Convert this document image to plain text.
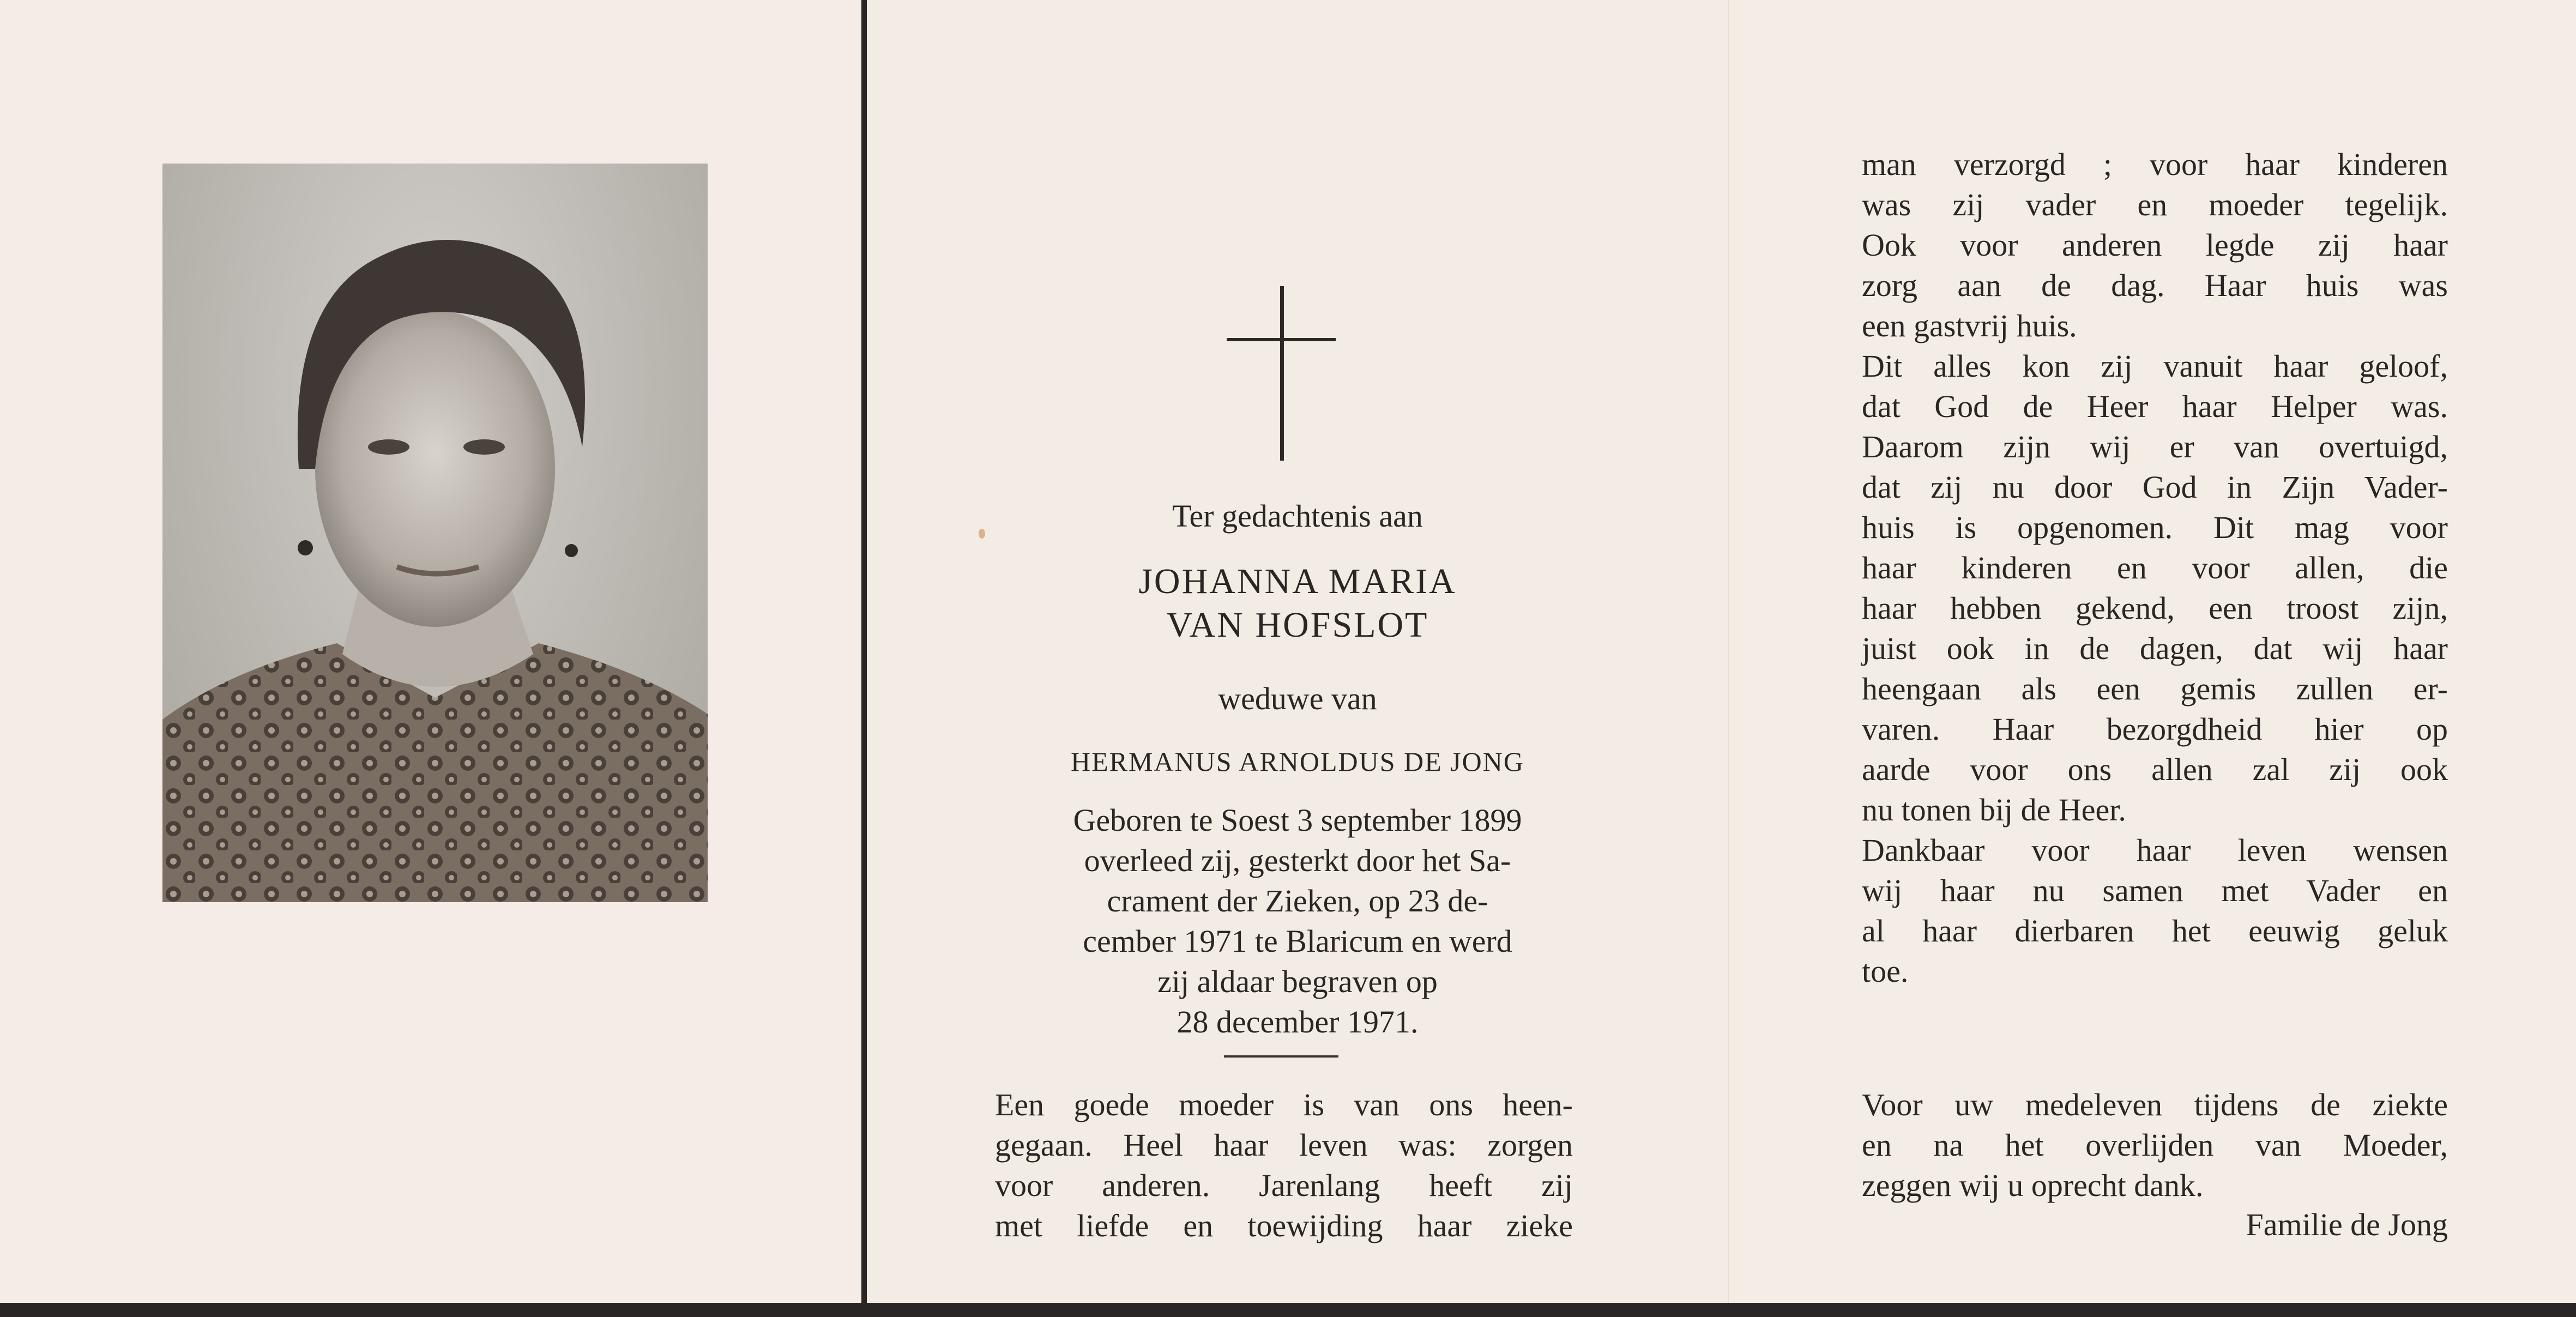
Ter gedachtenis aan

JOHANNA MARIA

VAN HOFSLOT

weduwe van

HERMANUS ARNOLDUS DE JONG

Geboren te Soest 3 september 1899
overleed zij, gesterkt door het Sa-
crament der Zieken, op 23 de-
cember 1971 te Blaricum en werd
zij aldaar begraven op
28 december 1971.

Een goede moeder is van ons heen-
gegaan. Heel haar leven was: zorgen
voor anderen. Jarenlang heeft zij
met liefde en toewijding haar zieke

man verzorgd ; voor haar kinderen
was zij vader en moeder tegelijk.
Ook voor anderen legde zij haar
zorg aan de dag. Haar huis was
een gastvrij huis.
Dit alles kon zij vanuit haar geloof,
dat God de Heer haar Helper was.
Daarom zijn wij er van overtuigd,
dat zij nu door God in Zijn Vader-
huis is opgenomen. Dit mag voor
haar kinderen en voor allen, die
haar hebben gekend, een troost zijn,
juist ook in de dagen, dat wij haar
heengaan als een gemis zullen er-
varen. Haar bezorgdheid hier op
aarde voor ons allen zal zij ook
nu tonen bij de Heer.
Dankbaar voor haar leven wensen
wij haar nu samen met Vader en
al haar dierbaren het eeuwig geluk
toe.

Voor uw medeleven tijdens de ziekte
en na het overlijden van Moeder,
zeggen wij u oprecht dank.

Familie de Jong
